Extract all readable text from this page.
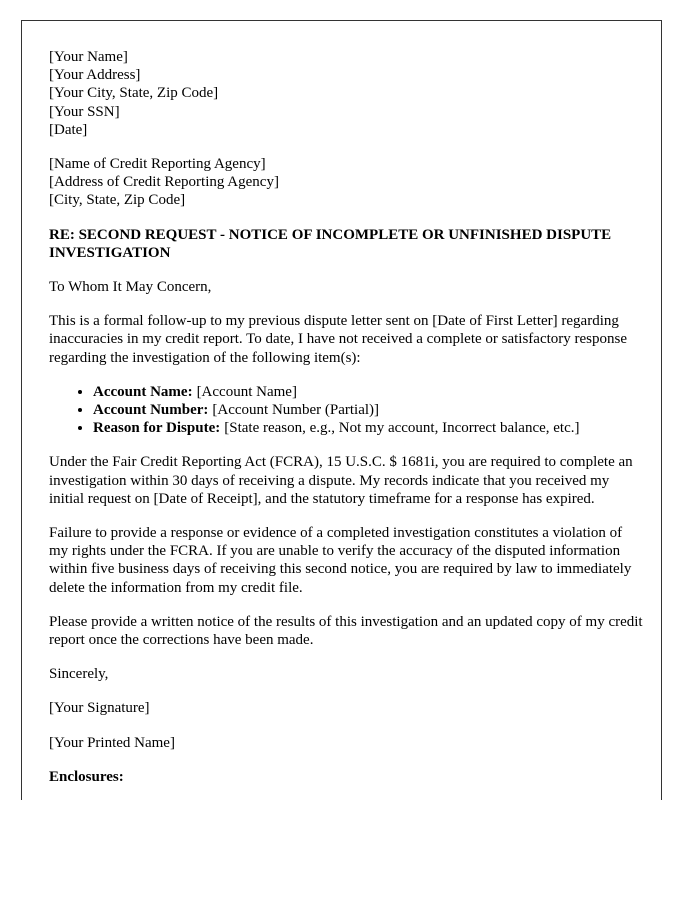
[Your Name]
[Your Address]
[Your City, State, Zip Code]
[Your SSN]
[Date]
[Name of Credit Reporting Agency]
[Address of Credit Reporting Agency]
[City, State, Zip Code]
RE: SECOND REQUEST - NOTICE OF INCOMPLETE OR UNFINISHED DISPUTE INVESTIGATION
To Whom It May Concern,
This is a formal follow-up to my previous dispute letter sent on [Date of First Letter] regarding inaccuracies in my credit report. To date, I have not received a complete or satisfactory response regarding the investigation of the following item(s):
• Account Name: [Account Name]
• Account Number: [Account Number (Partial)]
• Reason for Dispute: [State reason, e.g., Not my account, Incorrect balance, etc.]
Under the Fair Credit Reporting Act (FCRA), 15 U.S.C. $ 1681i, you are required to complete an investigation within 30 days of receiving a dispute. My records indicate that you received my initial request on [Date of Receipt], and the statutory timeframe for a response has expired.
Failure to provide a response or evidence of a completed investigation constitutes a violation of my rights under the FCRA. If you are unable to verify the accuracy of the disputed information within five business days of receiving this second notice, you are required by law to immediately delete the information from my credit file.
Please provide a written notice of the results of this investigation and an updated copy of my credit report once the corrections have been made.
Sincerely,
[Your Signature]
[Your Printed Name]
Enclosures:
